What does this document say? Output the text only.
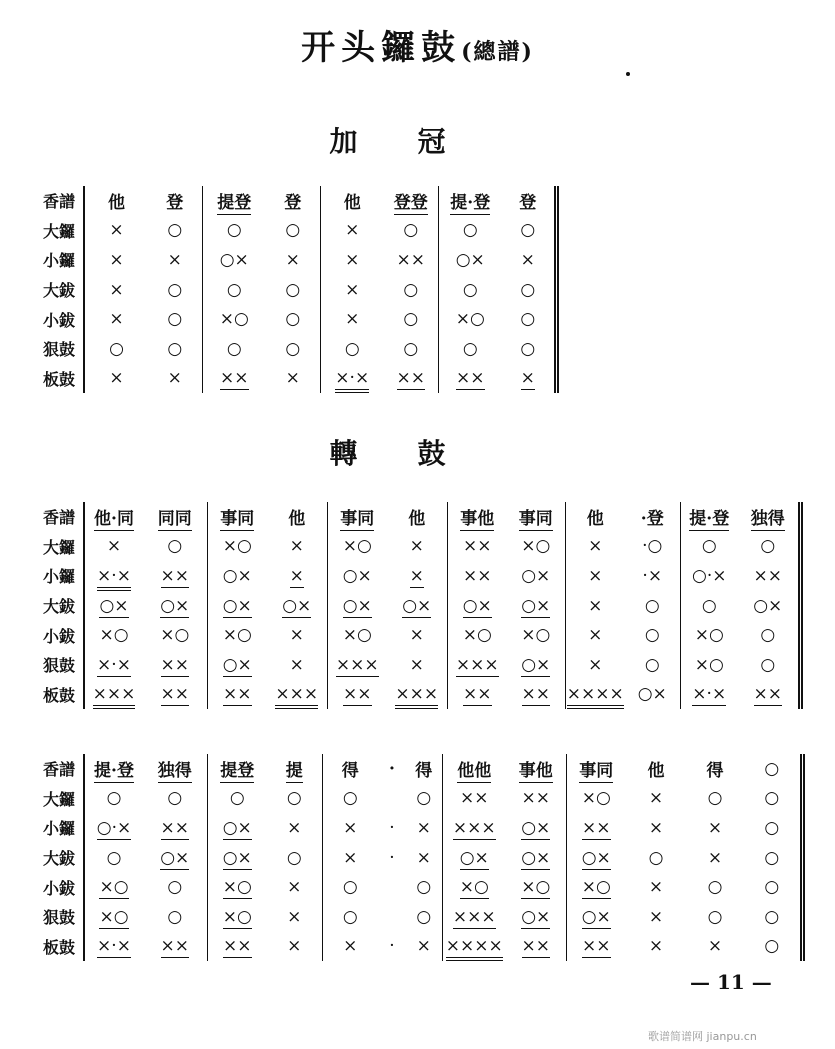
开头鑼鼓(總譜)
加冠
香譜	他	登	提登	登	他	登登	提·登	登
大鑼	×	○	○	○	×	○	○	○
小鑼	×	×	○×	×	×	××	○×	×
大鈸	×	○	○	○	×	○	○	○
小鈸	×	○	×○	○	×	○	×○	○
狠鼓	○	○	○	○	○	○	○	○
板鼓	×	×	××	×	×·×	××	××	×
轉鼓
香譜	他·同	同同	事同	他	事同	他	事他	事同	他	·登	提·登	独得
大鑼	×	○	×○	×	×○	×	××	×○	×	·○	○	○
小鑼	×·×	××	○×	×	○×	×	××	○×	×	·×	○·×	××
大鈸	○×	○×	○×	○×	○×	○×	○×	○×	×	○	○	○×
小鈸	×○	×○	×○	×	×○	×	×○	×○	×	○	×○	○
狠鼓	×·×	××	○×	×	×××	×	×××	○×	×	○	×○	○
板鼓	×××	××	××	×××	××	×××	××	××	××××	○×	×·×	××
香譜	提·登	独得	提登	提	得	·	得	他他	事他	事同	他	得	○
大鑼	○	○	○	○	○		○	××	××	×○	×	○	○
小鑼	○·×	××	○×	×	×	·	×	×××	○×	××	×	×	○
大鈸	○	○×	○×	○	×	·	×	○×	○×	○×	○	×	○
小鈸	×○	○	×○	×	○		○	×○	×○	×○	×	○	○
狠鼓	×○	○	×○	×	○		○	×××	○×	○×	×	○	○
板鼓	×·×	××	××	×	×	·	×	××××	××	××	×	×	○
— 11 —
歌谱简谱网 jianpu.cn
